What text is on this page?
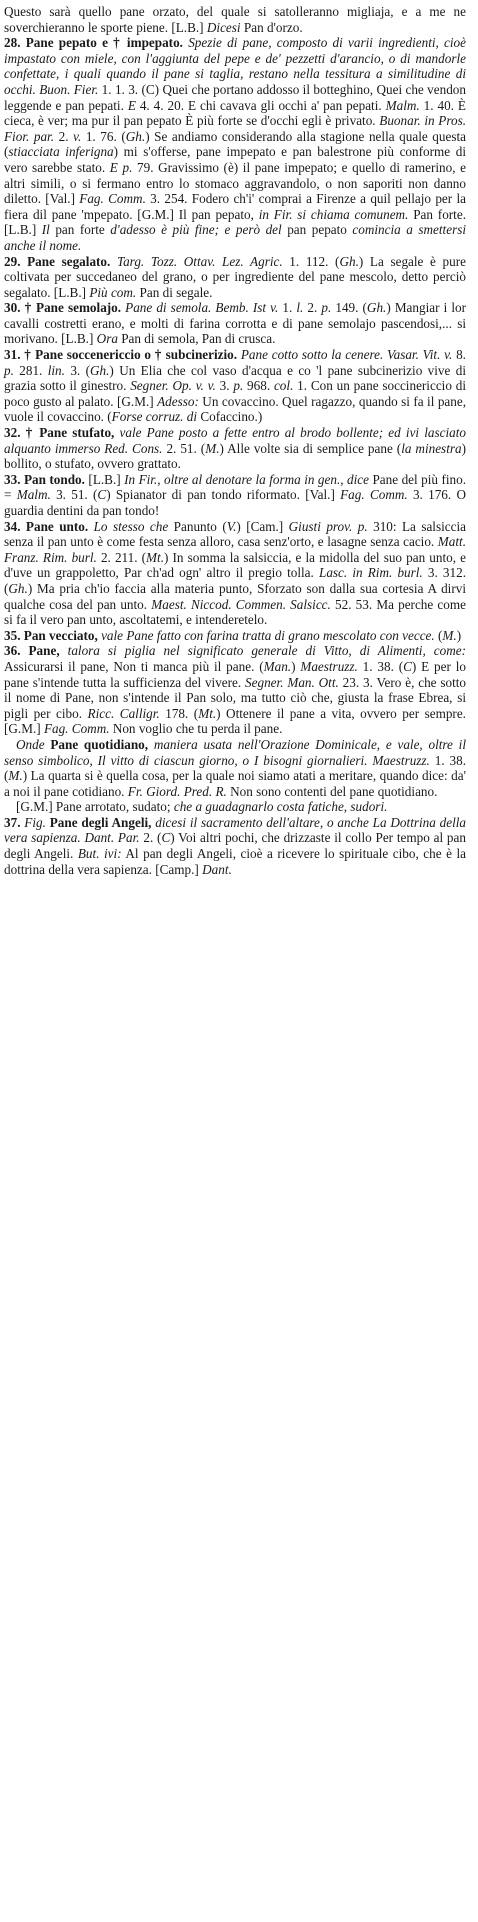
Questo sarà quello pane orzato, del quale si satolleranno migliaja, e a me ne soverchieranno le sporte piene. [L.B.] Dicesi Pan d'orzo.

28. Pane pepato e † impepato. Spezie di pane, composto di varii ingredienti, cioè impastato con miele, con l'aggiunta del pepe e de' pezzetti d'arancio, o di mandorle confettate, i quali quando il pane si taglia, restano nella tessitura a similitudine di occhi. Buon. Fier. 1. 1. 3. (C) Quei che portano addosso il botteghino, Quei che vendon leggende e pan pepati. E 4. 4. 20. E chi cavava gli occhi a' pan pepati. Malm. 1. 40. È cieca, è ver; ma pur il pan pepato È più forte se d'occhi egli è privato. Buonar. in Pros. Fior. par. 2. v. 1. 76. (Gh.) Se andiamo considerando alla stagione nella quale questa (stiacciata inferigna) mi s'offerse, pane impepato e pan balestrone più conforme di vero sarebbe stato. E p. 79. Gravissimo (è) il pane impepato; e quello di ramerino, e altri simili, o si fermano entro lo stomaco aggravandolo, o non saporiti non danno diletto. [Val.] Fag. Comm. 3. 254. Fodero ch'i' comprai a Firenze a quil pellajo per la fiera dil pane 'mpepato. [G.M.] Il pan pepato, in Fir. si chiama comunem. Pan forte. [L.B.] Il pan forte d'adesso è più fine; e però del pan pepato comincia a smettersi anche il nome.

29. Pane segalato. Targ. Tozz. Ottav. Lez. Agric. 1. 112. (Gh.) La segale è pure coltivata per succedaneo del grano, o per ingrediente del pane mescolo, detto perciò segalato. [L.B.] Più com. Pan di segale.

30. † Pane semolajo. Pane di semola. Bemb. Ist v. 1. l. 2. p. 149. (Gh.) Mangiar i lor cavalli costretti erano, e molti di farina corrotta e di pane semolajo pascendosi,... si morivano. [L.B.] Ora Pan di semola, Pan di crusca.

31. † Pane soccenericcio o † subcinerizio. Pane cotto sotto la cenere. Vasar. Vit. v. 8. p. 281. lin. 3. (Gh.) Un Elia che col vaso d'acqua e co 'l pane subcinerizio vive di grazia sotto il ginestro. Segner. Op. v. v. 3. p. 968. col. 1. Con un pane soccinericcio di poco gusto al palato. [G.M.] Adesso: Un covaccino. Quel ragazzo, quando si fa il pane, vuole il covaccino. (Forse corruz. di Cofaccino.)

32. † Pane stufato, vale Pane posto a fette entro al brodo bollente; ed ivi lasciato alquanto immerso Red. Cons. 2. 51. (M.) Alle volte sia di semplice pane (la minestra) bollito, o stufato, ovvero grattato.

33. Pan tondo. [L.B.] In Fir., oltre al denotare la forma in gen., dice Pane del più fino. = Malm. 3. 51. (C) Spianator di pan tondo riformato. [Val.] Fag. Comm. 3. 176. O guardia dentini da pan tondo!

34. Pane unto. Lo stesso che Panunto (V.) [Cam.] Giusti prov. p. 310: La salsiccia senza il pan unto è come festa senza alloro, casa senz'orto, e lasagne senza cacio. Matt. Franz. Rim. burl. 2. 211. (Mt.) In somma la salsiccia, e la midolla del suo pan unto, e d'uve un grappoletto, Par ch'ad ogn' altro il pregio tolla. Lasc. in Rim. burl. 3. 312. (Gh.) Ma pria ch'io faccia alla materia punto, Sforzato son dalla sua cortesia A dirvi qualche cosa del pan unto. Maest. Niccod. Commen. Salsicc. 52. 53. Ma perche come si fa il vero pan unto, ascoltatemi, e intenderetelo.

35. Pan vecciato, vale Pane fatto con farina tratta di grano mescolato con vecce. (M.)

36. Pane, talora si piglia nel significato generale di Vitto, di Alimenti, come: Assicurarsi il pane, Non ti manca più il pane. (Man.) Maestruzz. 1. 38. (C) E per lo pane s'intende tutta la sufficienza del vivere. Segner. Man. Ott. 23. 3. Vero è, che sotto il nome di Pane, non s'intende il Pan solo, ma tutto ciò che, giusta la frase Ebrea, si pigli per cibo. Ricc. Calligr. 178. (Mt.) Ottenere il pane a vita, ovvero per sempre. [G.M.] Fag. Comm. Non voglio che tu perda il pane.

Onde Pane quotidiano, maniera usata nell'Orazione Dominicale, e vale, oltre il senso simbolico, Il vitto di ciascun giorno, o I bisogni giornalieri. Maestruzz. 1. 38. (M.) La quarta si è quella cosa, per la quale noi siamo atati a meritare, quando dice: da' a noi il pane cotidiano. Fr. Giord. Pred. R. Non sono contenti del pane quotidiano.

[G.M.] Pane arrotato, sudato; che a guadagnarlo costa fatiche, sudori.

37. Fig. Pane degli Angeli, dicesi il sacramento dell'altare, o anche La Dottrina della vera sapienza. Dant. Par. 2. (C) Voi altri pochi, che drizzaste il collo Per tempo al pan degli Angeli. But. ivi: Al pan degli Angeli, cioè a ricevere lo spirituale cibo, che è la dottrina della vera sapienza. [Camp.] Dant.
